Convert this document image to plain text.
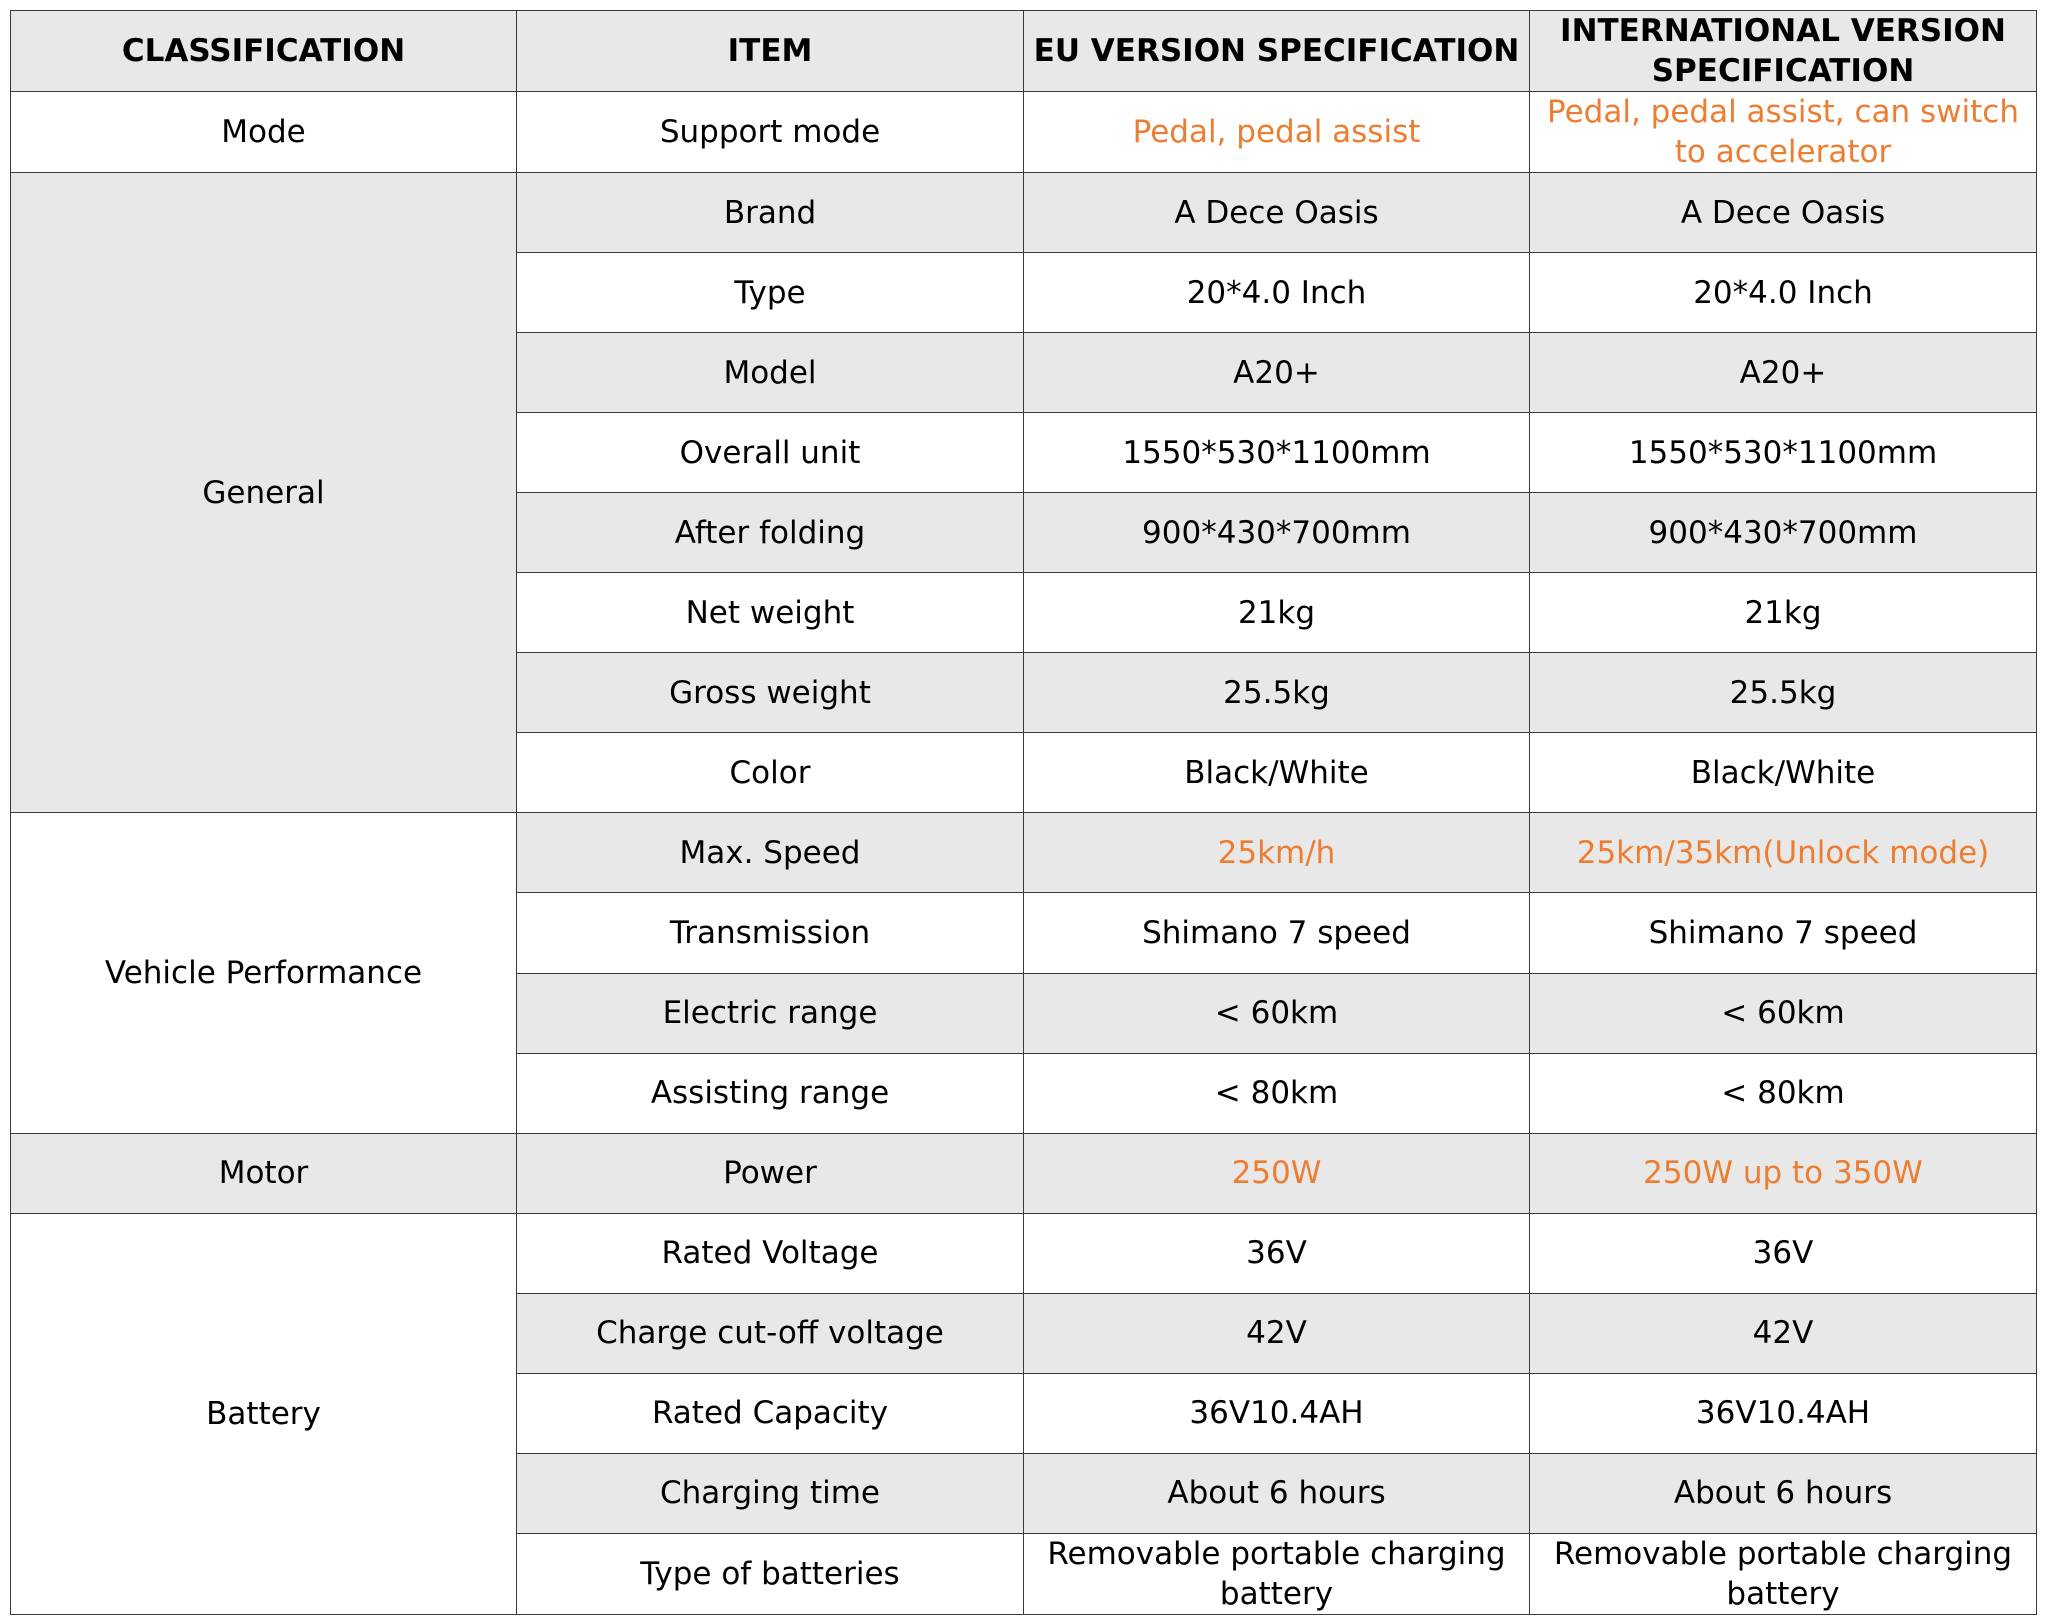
CLASSIFICATION	ITEM	EU VERSION SPECIFICATION	INTERNATIONAL VERSION SPECIFICATION
Mode	Support mode	Pedal, pedal assist	Pedal, pedal assist, can switch to accelerator
General	Brand	A Dece Oasis	A Dece Oasis
	Type	20*4.0 Inch	20*4.0 Inch
	Model	A20+	A20+
	Overall unit	1550*530*1100mm	1550*530*1100mm
	After folding	900*430*700mm	900*430*700mm
	Net weight	21kg	21kg
	Gross weight	25.5kg	25.5kg
	Color	Black/White	Black/White
Vehicle Performance	Max. Speed	25km/h	25km/35km(Unlock mode)
	Transmission	Shimano 7 speed	Shimano 7 speed
	Electric range	< 60km	< 60km
	Assisting range	< 80km	< 80km
Motor	Power	250W	250W up to 350W
Battery	Rated Voltage	36V	36V
	Charge cut-off voltage	42V	42V
	Rated Capacity	36V10.4AH	36V10.4AH
	Charging time	About 6 hours	About 6 hours
	Type of batteries	Removable portable charging battery	Removable portable charging battery
